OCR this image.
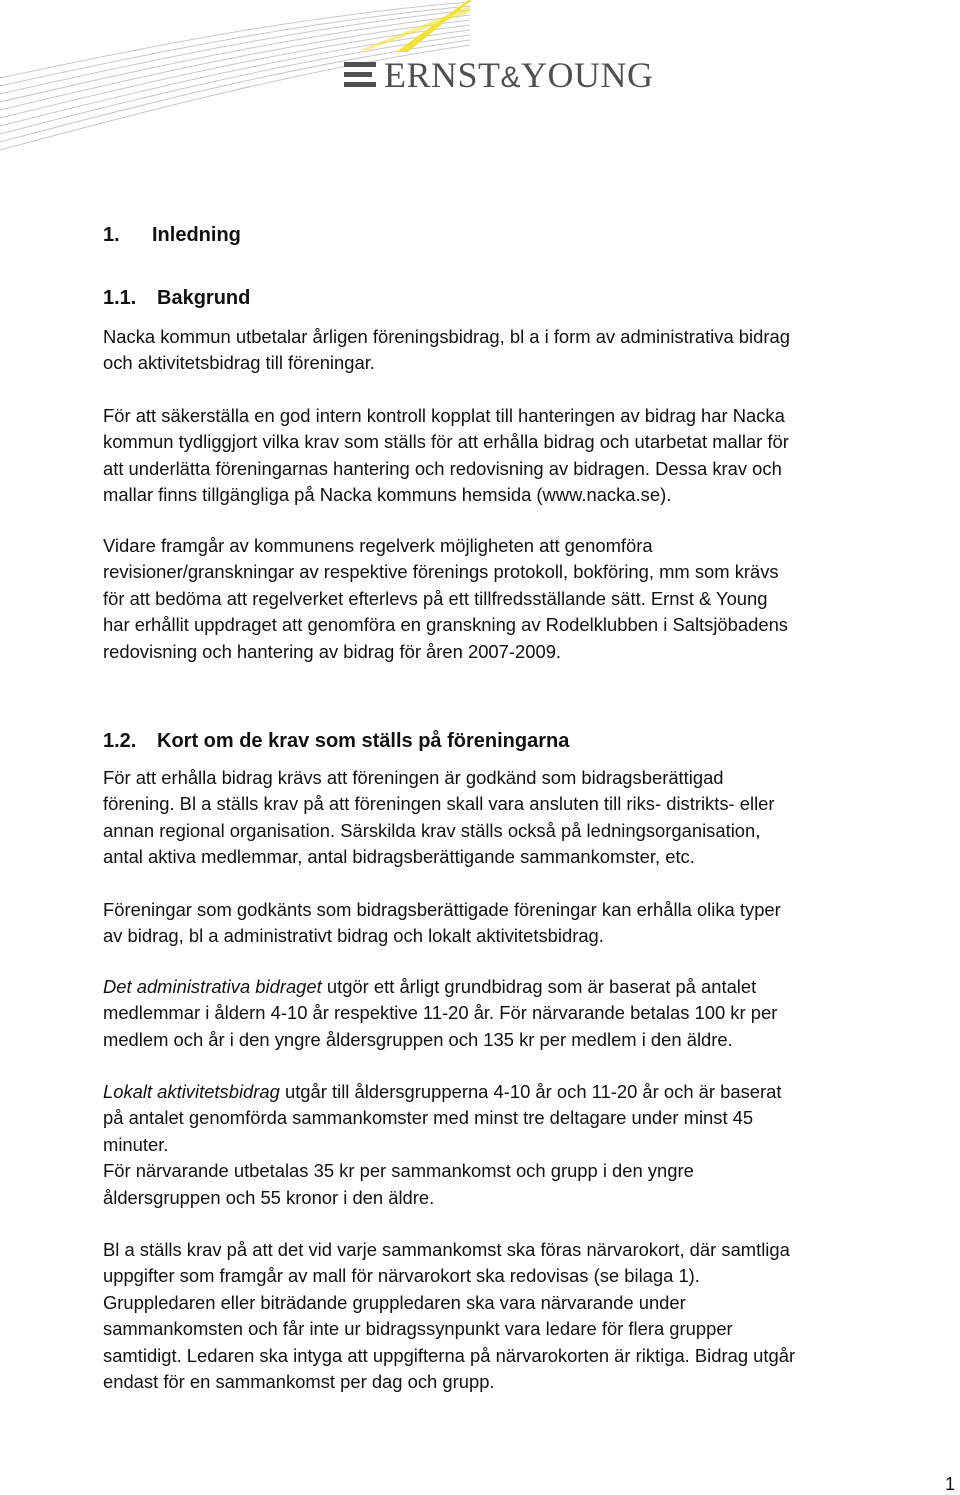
ERNST&YOUNG
1. Inledning
1.1. Bakgrund

Nacka kommun utbetalar årligen föreningsbidrag, bl a i form av administrativa bidrag
och aktivitetsbidrag till föreningar.

För att säkerställa en god intern kontroll kopplat till hanteringen av bidrag har Nacka
kommun tydliggjort vilka krav som ställs för att erhålla bidrag och utarbetat mallar för
att underlätta föreningarnas hantering och redovisning av bidragen. Dessa krav och
mallar finns tillgängliga på Nacka kommuns hemsida (www.nacka.se).

Vidare framgår av kommunens regelverk möjligheten att genomföra
revisioner/granskningar av respektive förenings protokoll, bokföring, mm som krävs
för att bedöma att regelverket efterlevs på ett tillfredsställande sätt. Ernst & Young
har erhållit uppdraget att genomföra en granskning av Rodelklubben i Saltsjöbadens
redovisning och hantering av bidrag för åren 2007-2009.

1.2. Kort om de krav som ställs på föreningarna

För att erhålla bidrag krävs att föreningen är godkänd som bidragsberättigad
förening. Bl a ställs krav på att föreningen skall vara ansluten till riks- distrikts- eller
annan regional organisation. Särskilda krav ställs också på ledningsorganisation,
antal aktiva medlemmar, antal bidragsberättigande sammankomster, etc.

Föreningar som godkänts som bidragsberättigade föreningar kan erhålla olika typer
av bidrag, bl a administrativt bidrag och lokalt aktivitetsbidrag.

Det administrativa bidraget utgör ett årligt grundbidrag som är baserat på antalet
medlemmar i åldern 4-10 år respektive 11-20 år. För närvarande betalas 100 kr per
medlem och år i den yngre åldersgruppen och 135 kr per medlem i den äldre.

Lokalt aktivitetsbidrag utgår till åldersgrupperna 4-10 år och 11-20 år och är baserat
på antalet genomförda sammankomster med minst tre deltagare under minst 45
minuter.
För närvarande utbetalas 35 kr per sammankomst och grupp i den yngre
åldersgruppen och 55 kronor i den äldre.

Bl a ställs krav på att det vid varje sammankomst ska föras närvarokort, där samtliga
uppgifter som framgår av mall för närvarokort ska redovisas (se bilaga 1).
Gruppledaren eller biträdande gruppledaren ska vara närvarande under
sammankomsten och får inte ur bidragssynpunkt vara ledare för flera grupper
samtidigt. Ledaren ska intyga att uppgifterna på närvarokorten är riktiga. Bidrag utgår
endast för en sammankomst per dag och grupp.

1
